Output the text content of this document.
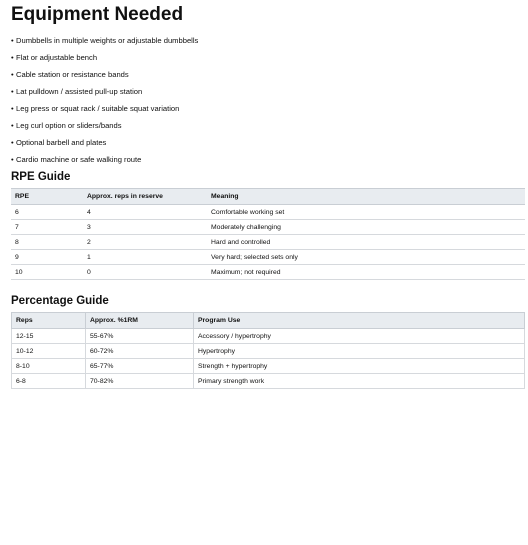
Equipment Needed
• Dumbbells in multiple weights or adjustable dumbbells
• Flat or adjustable bench
• Cable station or resistance bands
• Lat pulldown / assisted pull-up station
• Leg press or squat rack / suitable squat variation
• Leg curl option or sliders/bands
• Optional barbell and plates
• Cardio machine or safe walking route
RPE Guide
RPE	Approx. reps in reserve	Meaning
6	4	Comfortable working set
7	3	Moderately challenging
8	2	Hard and controlled
9	1	Very hard; selected sets only
10	0	Maximum; not required
Percentage Guide
Reps	Approx. %1RM	Program Use
12-15	55-67%	Accessory / hypertrophy
10-12	60-72%	Hypertrophy
8-10	65-77%	Strength + hypertrophy
6-8	70-82%	Primary strength work
